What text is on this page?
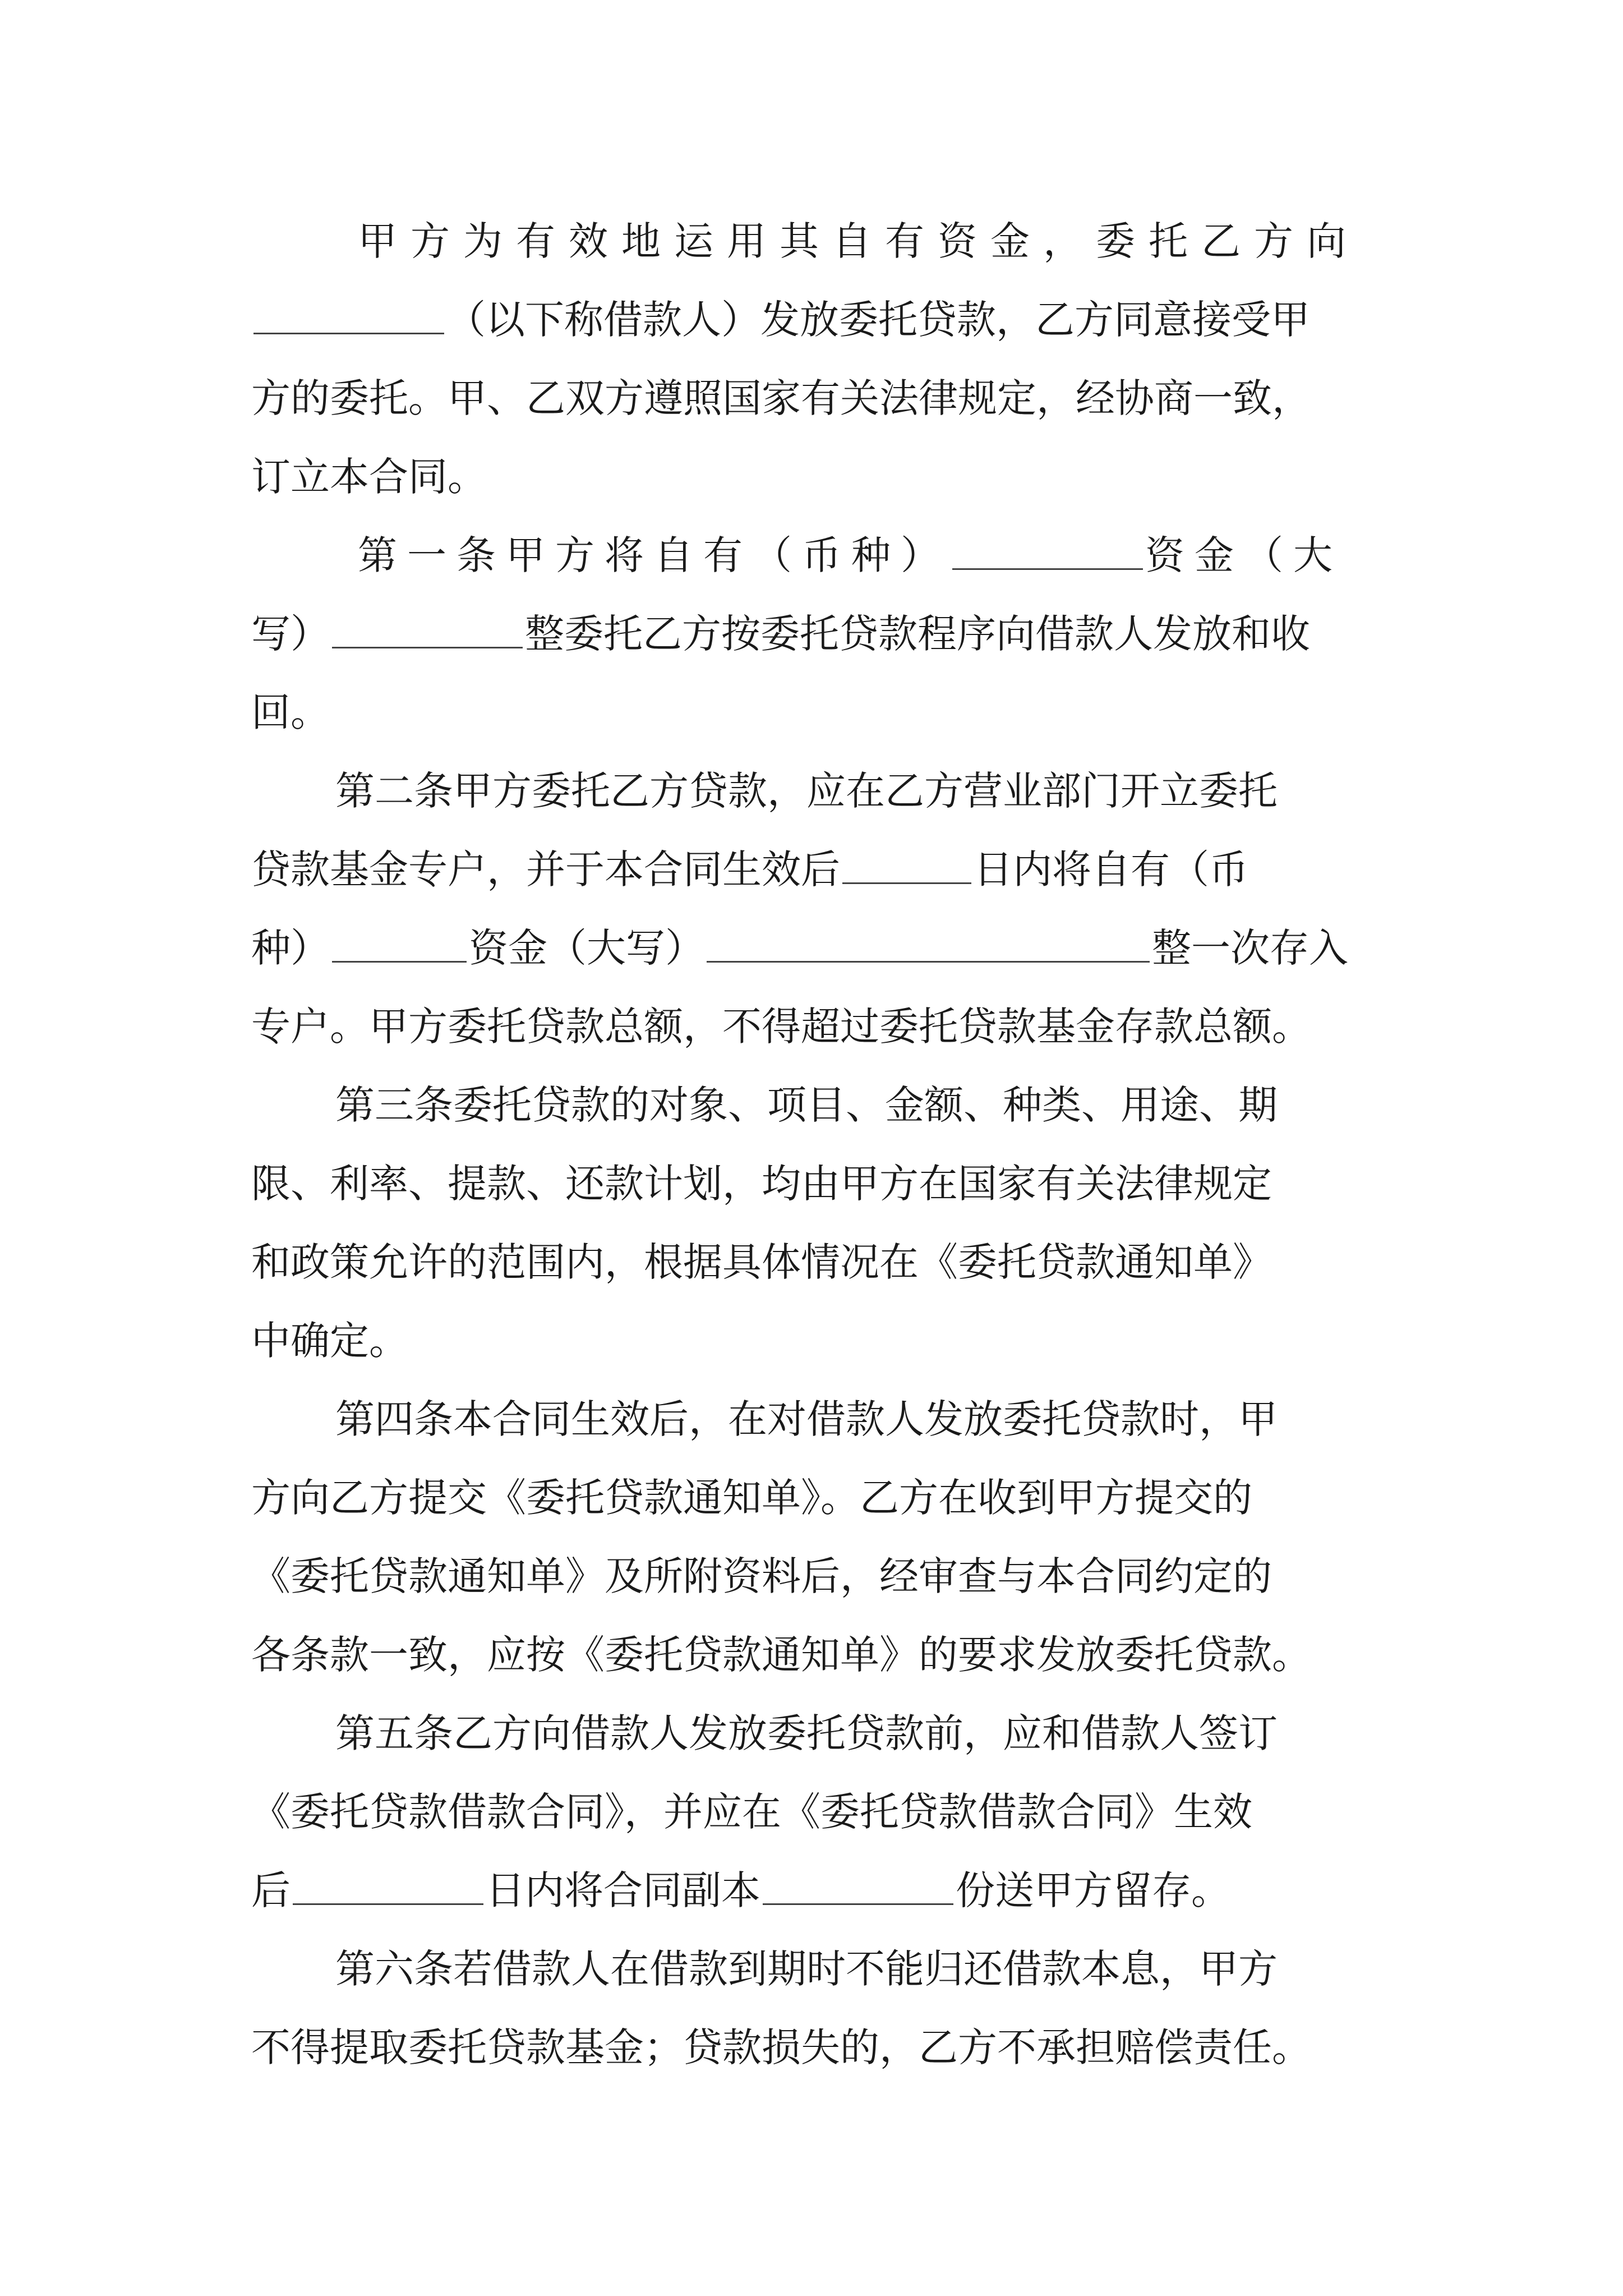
甲方为有效地运用其自有资金，委托乙方向
（以下称借款人）发放委托贷款，乙方同意接受甲
方的委托。甲、乙双方遵照国家有关法律规定，经协商一致，
订立本合同。
第一条甲方将自有（币种）	资金（大
写）	整委托乙方按委托贷款程序向借款人发放和收
回。
第二条甲方委托乙方贷款，应在乙方营业部门开立委托
贷款基金专户，并于本合同生效后	日内将自有（币
种）	资金（大写）	整一次存入
专户。甲方委托贷款总额，不得超过委托贷款基金存款总额。
第三条委托贷款的对象、项目、金额、种类、用途、期
限、利率、提款、还款计划，均由甲方在国家有关法律规定
和政策允许的范围内，根据具体情况在《委托贷款通知单》
中确定。
第四条本合同生效后，在对借款人发放委托贷款时，甲
方向乙方提交《委托贷款通知单》。乙方在收到甲方提交的
《委托贷款通知单》及所附资料后，经审查与本合同约定的
各条款一致，应按《委托贷款通知单》的要求发放委托贷款。
第五条乙方向借款人发放委托贷款前，应和借款人签订
《委托贷款借款合同》，并应在《委托贷款借款合同》生效
后	日内将合同副本	份送甲方留存。
第六条若借款人在借款到期时不能归还借款本息，甲方
不得提取委托贷款基金；贷款损失的，乙方不承担赔偿责任。
